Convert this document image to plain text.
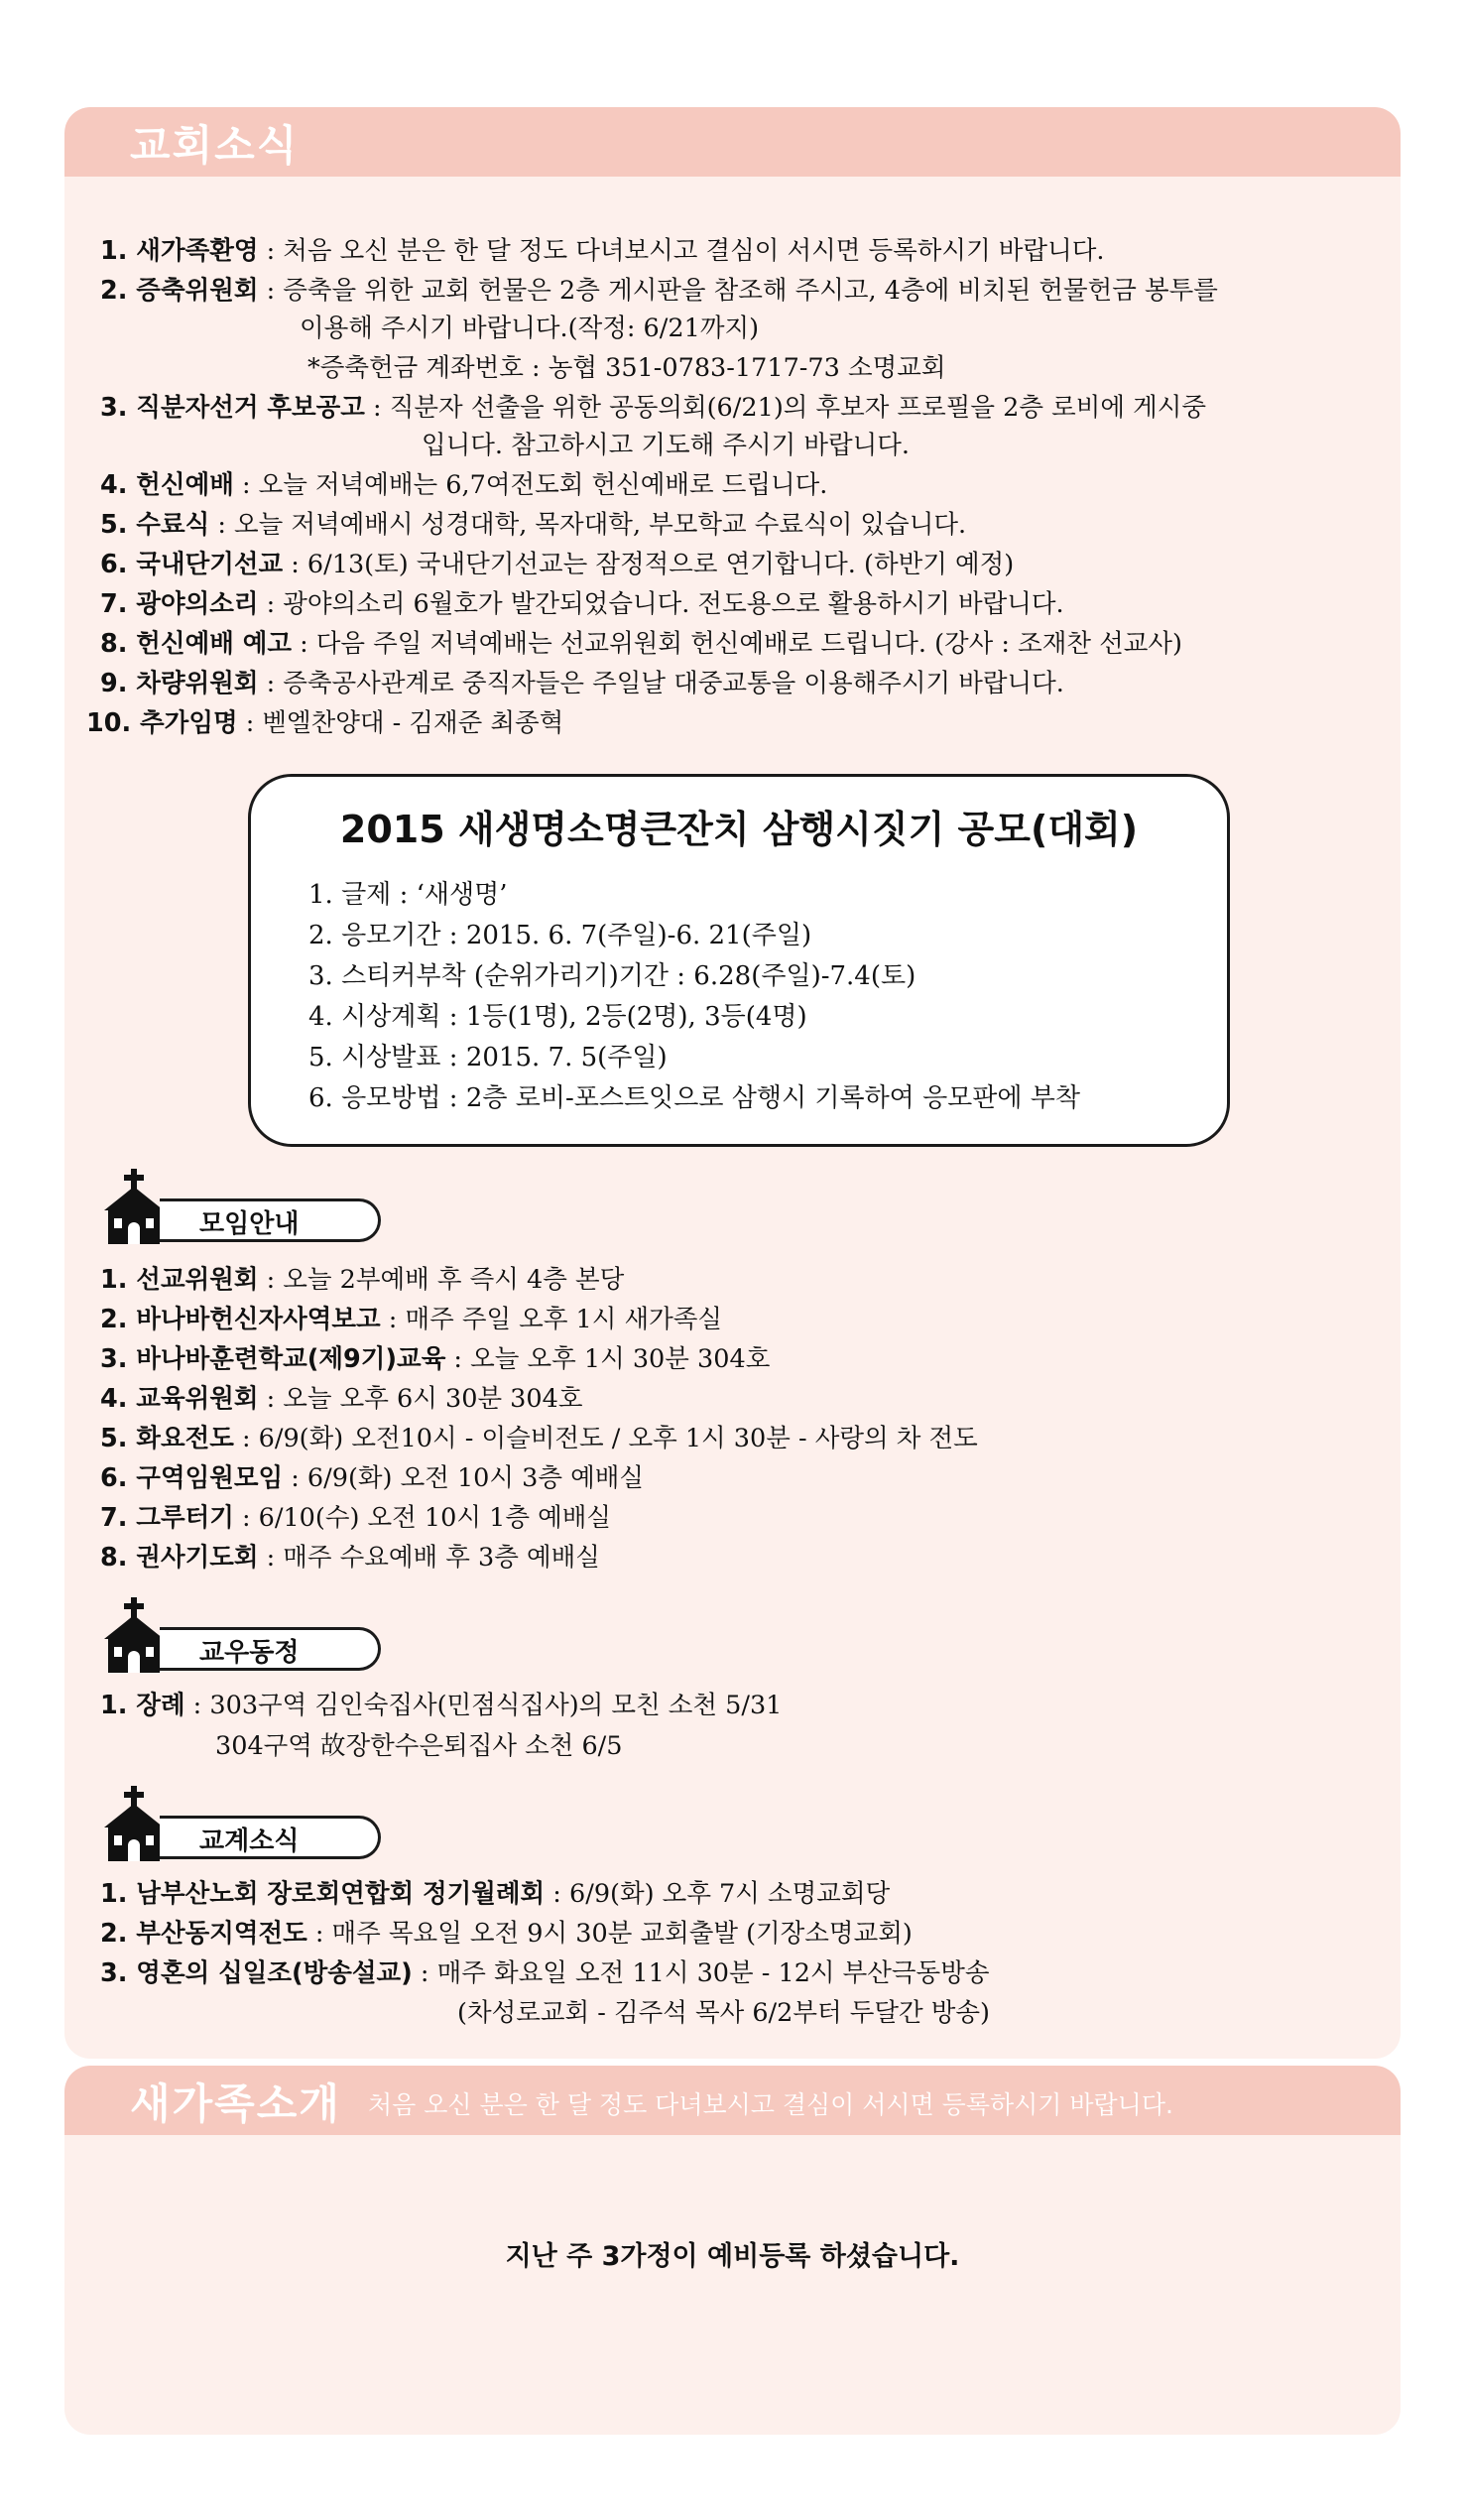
교회소식
1. 새가족환영 : 처음 오신 분은 한 달 정도 다녀보시고 결심이 서시면 등록하시기 바랍니다.
2. 증축위원회 : 증축을 위한 교회 헌물은 2층 게시판을 참조해 주시고, 4층에 비치된 헌물헌금 봉투를
이용해 주시기 바랍니다.(작정: 6/21까지)
*증축헌금 계좌번호 : 농협 351-0783-1717-73 소명교회
3. 직분자선거 후보공고 : 직분자 선출을 위한 공동의회(6/21)의 후보자 프로필을 2층 로비에 게시중
입니다. 참고하시고 기도해 주시기 바랍니다.
4. 헌신예배 : 오늘 저녁예배는 6,7여전도회 헌신예배로 드립니다.
5. 수료식 : 오늘 저녁예배시 성경대학, 목자대학, 부모학교 수료식이 있습니다.
6. 국내단기선교 : 6/13(토) 국내단기선교는 잠정적으로 연기합니다. (하반기 예정)
7. 광야의소리 : 광야의소리 6월호가 발간되었습니다. 전도용으로 활용하시기 바랍니다.
8. 헌신예배 예고 : 다음 주일 저녁예배는 선교위원회 헌신예배로 드립니다. (강사 : 조재찬 선교사)
9. 차량위원회 : 증축공사관계로 중직자들은 주일날 대중교통을 이용해주시기 바랍니다.
10. 추가임명 : 벧엘찬양대 - 김재준 최종혁
2015 새생명소명큰잔치 삼행시짓기 공모(대회)
1. 글제 : ‘새생명’
2. 응모기간 : 2015. 6. 7(주일)-6. 21(주일)
3. 스티커부착 (순위가리기)기간 : 6.28(주일)-7.4(토)
4. 시상계획 : 1등(1명), 2등(2명), 3등(4명)
5. 시상발표 : 2015. 7. 5(주일)
6. 응모방법 : 2층 로비-포스트잇으로 삼행시 기록하여 응모판에 부착
모임안내
1. 선교위원회 : 오늘 2부예배 후 즉시 4층 본당
2. 바나바헌신자사역보고 : 매주 주일 오후 1시 새가족실
3. 바나바훈련학교(제9기)교육 : 오늘 오후 1시 30분 304호
4. 교육위원회 : 오늘 오후 6시 30분 304호
5. 화요전도 : 6/9(화) 오전10시 - 이슬비전도 / 오후 1시 30분 - 사랑의 차 전도
6. 구역임원모임 : 6/9(화) 오전 10시 3층 예배실
7. 그루터기 : 6/10(수) 오전 10시 1층 예배실
8. 권사기도회 : 매주 수요예배 후 3층 예배실
교우동정
1. 장례 : 303구역 김인숙집사(민점식집사)의 모친 소천 5/31
304구역 故장한수은퇴집사 소천 6/5
교계소식
1. 남부산노회 장로회연합회 정기월례회 : 6/9(화) 오후 7시 소명교회당
2. 부산동지역전도 : 매주 목요일 오전 9시 30분 교회출발 (기장소명교회)
3. 영혼의 십일조(방송설교) : 매주 화요일 오전 11시 30분 - 12시 부산극동방송
(차성로교회 - 김주석 목사 6/2부터 두달간 방송)
새가족소개 처음 오신 분은 한 달 정도 다녀보시고 결심이 서시면 등록하시기 바랍니다.
지난 주 3가정이 예비등록 하셨습니다.
